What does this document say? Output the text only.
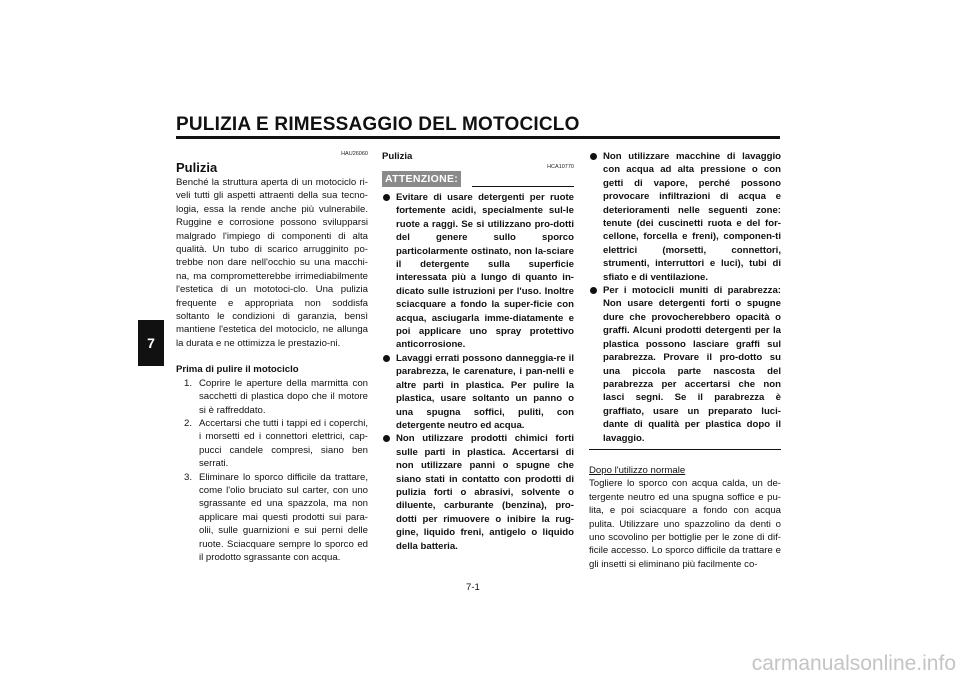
PULIZIA E RIMESSAGGIO DEL MOTOCICLO
7
HAU26060
Pulizia

Benché la struttura aperta di un motociclo ri-veli tutti gli aspetti attraenti della sua tecno-logia, essa la rende anche più vulnerabile. Ruggine e corrosione possono svilupparsi malgrado l'impiego di componenti di alta qualità. Un tubo di scarico arrugginito po-trebbe non dare nell'occhio su una macchi-na, ma comprometterebbe irrimediabilmente l'estetica di un mototoci-clo. Una pulizia frequente e appropriata non soddisfa soltanto le condizioni di garanzia, bensì mantiene l'estetica del motociclo, ne allunga la durata e ne ottimizza le prestazio-ni.

Prima di pulire il motociclo
1. Coprire le aperture della marmitta con sacchetti di plastica dopo che il motore si è raffreddato.
2. Accertarsi che tutti i tappi ed i coperchi, i morsetti ed i connettori elettrici, cap-pucci candele compresi, siano ben serrati.
3. Eliminare lo sporco difficile da trattare, come l'olio bruciato sul carter, con uno sgrassante ed una spazzola, ma non applicare mai questi prodotti sui para-olii, sulle guarnizioni e sui perni delle ruote. Sciacquare sempre lo sporco ed il prodotto sgrassante con acqua.
Pulizia
HCA10770
ATTENZIONE:
Evitare di usare detergenti per ruote fortemente acidi, specialmente sul-le ruote a raggi. Se si utilizzano pro-dotti del genere sullo sporco particolarmente ostinato, non la-sciare il detergente sulla superficie interessata più a lungo di quanto in-dicato sulle istruzioni per l'uso. Inoltre sciacquare a fondo la super-ficie con acqua, asciugarla imme-diatamente e poi applicare uno spray protettivo anticorrosione.
Lavaggi errati possono danneggia-re il parabrezza, le carenature, i pan-nelli e altre parti in plastica. Per pulire la plastica, usare soltanto un panno o una spugna soffici, puliti, con detergente neutro ed acqua.
Non utilizzare prodotti chimici forti sulle parti in plastica. Accertarsi di non utilizzare panni o spugne che siano stati in contatto con prodotti di pulizia forti o abrasivi, solvente o diluente, carburante (benzina), pro-dotti per rimuovere o inibire la rug-gine, liquido freni, antigelo o liquido della batteria.
Non utilizzare macchine di lavaggio con acqua ad alta pressione o con getti di vapore, perché possono provocare infiltrazioni di acqua e deterioramenti nelle seguenti zone: tenute (dei cuscinetti ruota e del for-cellone, forcella e freni), componen-ti elettrici (morsetti, connettori, strumenti, interruttori e luci), tubi di sfiato e di ventilazione.
Per i motocicli muniti di parabrezza: Non usare detergenti forti o spugne dure che provocherebbero opacità o graffi. Alcuni prodotti detergenti per la plastica possono lasciare graffi sul parabrezza. Provare il pro-dotto su una piccola parte nascosta del parabrezza per accertarsi che non lasci segni. Se il parabrezza è graffiato, usare un preparato luci-dante di qualità per plastica dopo il lavaggio.
Dopo l'utilizzo normale

Togliere lo sporco con acqua calda, un de-tergente neutro ed una spugna soffice e pu-lita, e poi sciacquare a fondo con acqua pulita. Utilizzare uno spazzolino da denti o uno scovolino per bottiglie per le zone di dif-ficile accesso. Lo sporco difficile da trattare e gli insetti si eliminano più facilmente co-

7-1
carmanualsonline.info
